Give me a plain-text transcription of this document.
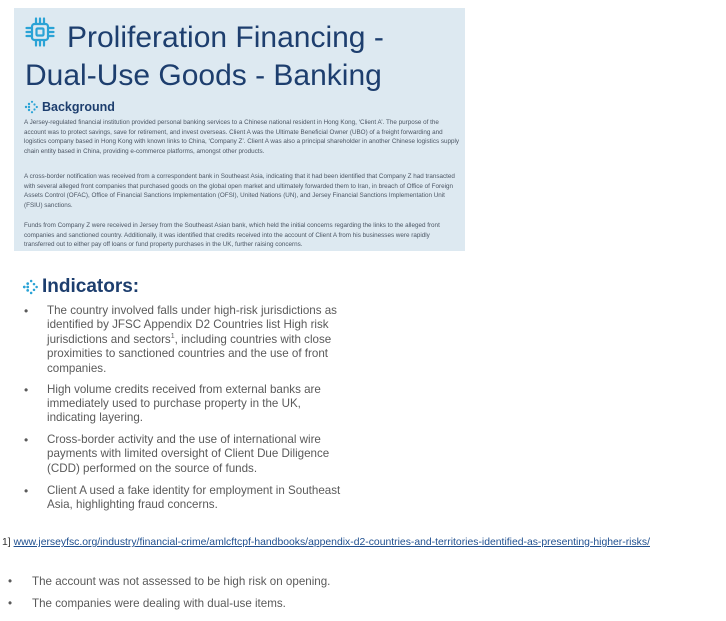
Proliferation Financing - Dual-Use Goods - Banking
Background

A Jersey-regulated financial institution provided personal banking services to a Chinese national resident in Hong Kong, ‘Client A’. The purpose of the account was to protect savings, save for retirement, and invest overseas. Client A was the Ultimate Beneficial Owner (UBO) of a freight forwarding and logistics company based in Hong Kong with known links to China, ‘Company Z’. Client A was also a principal shareholder in another Chinese logistics supply chain entity based in China, providing e-commerce platforms, amongst other products.

A cross-border notification was received from a correspondent bank in Southeast Asia, indicating that it had been identified that Company Z had transacted with several alleged front companies that purchased goods on the global open market and ultimately forwarded them to Iran, in breach of Office of Foreign Assets Control (OFAC), Office of Financial Sanctions Implementation (OFSI), United Nations (UN), and Jersey Financial Sanctions Implementation Unit (FSIU) sanctions.

Funds from Company Z were received in Jersey from the Southeast Asian bank, which held the initial concerns regarding the links to the alleged front companies and sanctioned country. Additionally, it was identified that credits received into the account of Client A from his businesses were rapidly transferred out to either pay off loans or fund property purchases in the UK, further raising concerns.

Indicators:
• The country involved falls under high-risk jurisdictions as identified by JFSC Appendix D2 Countries list High risk jurisdictions and sectors$^1$, including countries with close proximities to sanctioned countries and the use of front companies.
• High volume credits received from external banks are immediately used to purchase property in the UK, indicating layering.
• Cross-border activity and the use of international wire payments with limited oversight of Client Due Diligence (CDD) performed on the source of funds.
• Client A used a fake identity for employment in Southeast Asia, highlighting fraud concerns.
1] www.jerseyfsc.org/industry/financial-crime/amlcftcpf-handbooks/appendix-d2-countries-and-territories-identified-as-presenting-higher-risks/
• The account was not assessed to be high risk on opening.
• The companies were dealing with dual-use items.
